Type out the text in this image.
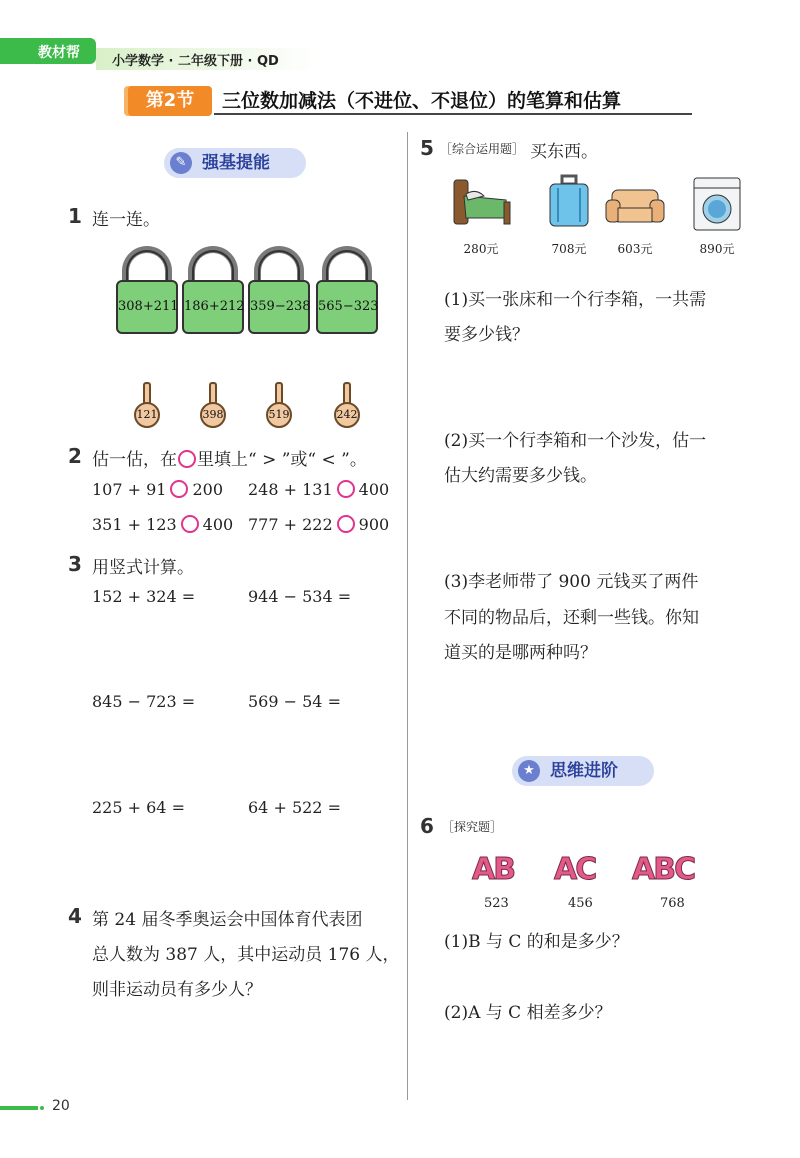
教材帮
小学数学 · 二年级下册 · QD
第2节	三位数加减法（不进位、不退位）的笔算和估算
✎ 强基提能
1 连一连。
308+211 186+212 359−238 565−323
121	398	519	242
2 估一估，在 里填上“ > ”或“ < ”。
107 + 91 200 248 + 131 400
351 + 123 400 777 + 222 900
3 用竖式计算。
152 + 324 =	944 − 534 =
845 − 723 =	569 − 54 =
225 + 64 =	64 + 522 =
4 第 24 届冬季奥运会中国体育代表团
总人数为 387 人，其中运动员 176 人，
则非运动员有多少人？
5 ［综合运用题］ 买东西。
280元	708元	603元	890元
(1)买一张床和一个行李箱，一共需
要多少钱？
(2)买一个行李箱和一个沙发，估一
估大约需要多少钱。
(3)李老师带了 900 元钱买了两件
不同的物品后，还剩一些钱。你知
道买的是哪两种吗？
★ 思维进阶
6 ［探究题］
AB AC ABC
523	456	768
(1)B 与 C 的和是多少？
(2)A 与 C 相差多少？
20
